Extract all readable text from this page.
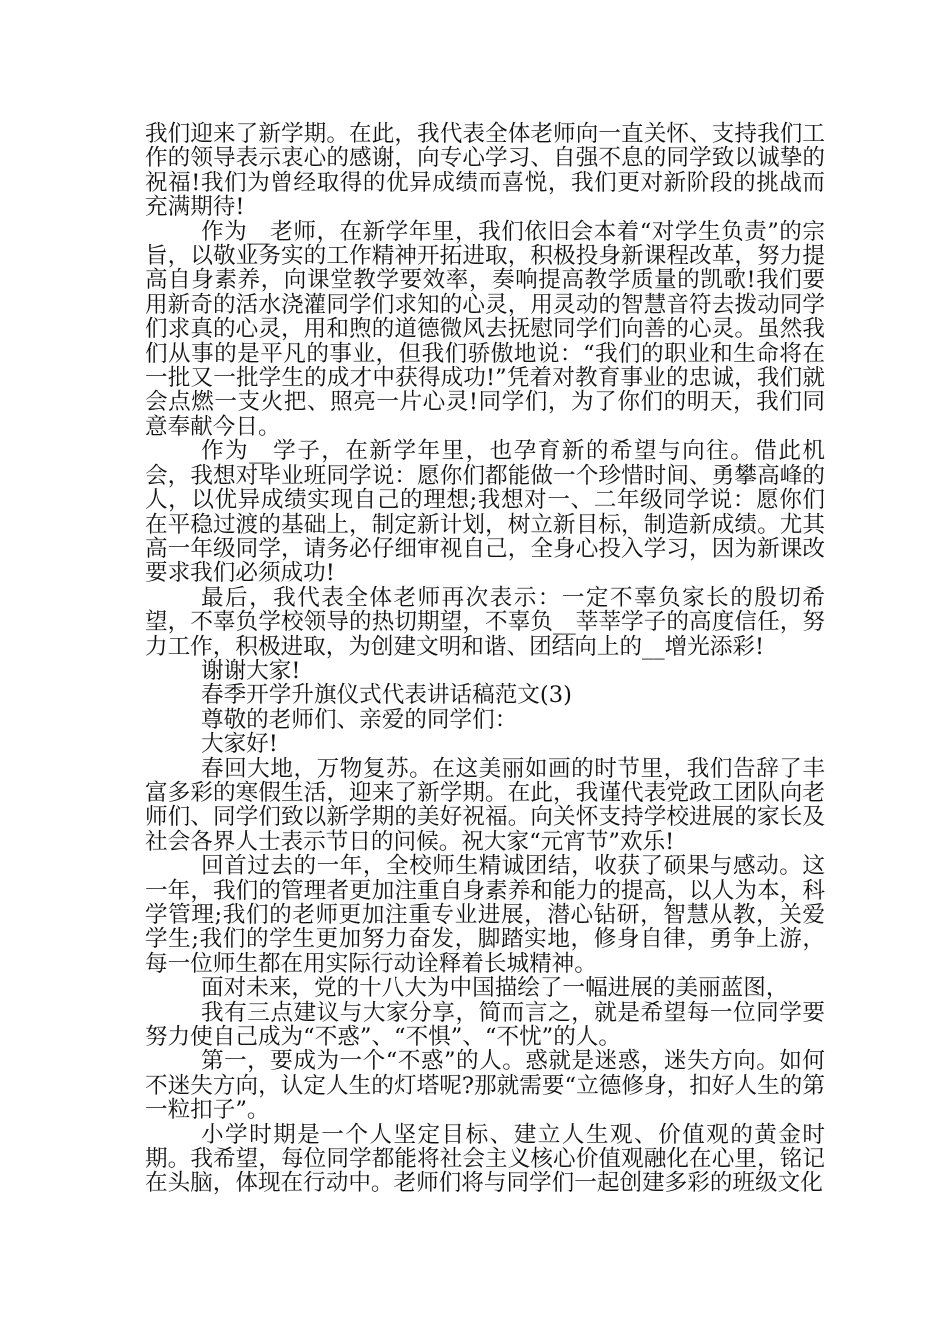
我们迎来了新学期。在此，我代表全体老师向一直关怀、支持我们工作的领导表示衷心的感谢，向专心学习、自强不息的同学致以诚挚的祝福!我们为曾经取得的优异成绩而喜悦，我们更对新阶段的挑战而充满期待!

作为__老师，在新学年里，我们依旧会本着“对学生负责”的宗旨，以敬业务实的工作精神开拓进取，积极投身新课程改革，努力提高自身素养，向课堂教学要效率，奏响提高教学质量的凯歌!我们要用新奇的活水浇灌同学们求知的心灵，用灵动的智慧音符去拨动同学们求真的心灵，用和煦的道德微风去抚慰同学们向善的心灵。虽然我们从事的是平凡的事业，但我们骄傲地说：“我们的职业和生命将在一批又一批学生的成才中获得成功!”凭着对教育事业的忠诚，我们就会点燃一支火把、照亮一片心灵!同学们，为了你们的明天，我们同意奉献今日。

作为__学子，在新学年里，也孕育新的希望与向往。借此机会，我想对毕业班同学说：愿你们都能做一个珍惜时间、勇攀高峰的人，以优异成绩实现自己的理想;我想对一、二年级同学说：愿你们在平稳过渡的基础上，制定新计划，树立新目标，制造新成绩。尤其高一年级同学，请务必仔细审视自己，全身心投入学习，因为新课改要求我们必须成功!

最后，我代表全体老师再次表示：一定不辜负家长的殷切希望，不辜负学校领导的热切期望，不辜负__莘莘学子的高度信任，努力工作，积极进取，为创建文明和谐、团结向上的__增光添彩!

谢谢大家!

春季开学升旗仪式代表讲话稿范文(3)

尊敬的老师们、亲爱的同学们：

大家好!

春回大地，万物复苏。在这美丽如画的时节里，我们告辞了丰富多彩的寒假生活，迎来了新学期。在此，我谨代表党政工团队向老师们、同学们致以新学期的美好祝福。向关怀支持学校进展的家长及社会各界人士表示节日的问候。祝大家“元宵节”欢乐!

回首过去的一年，全校师生精诚团结，收获了硕果与感动。这一年，我们的管理者更加注重自身素养和能力的提高，以人为本，科学管理;我们的老师更加注重专业进展，潜心钻研，智慧从教，关爱学生;我们的学生更加努力奋发，脚踏实地，修身自律，勇争上游，每一位师生都在用实际行动诠释着长城精神。

面对未来，党的十八大为中国描绘了一幅进展的美丽蓝图，

我有三点建议与大家分享，简而言之，就是希望每一位同学要努力使自己成为“不惑”、“不惧”、“不忧”的人。

第一，要成为一个“不惑”的人。惑就是迷惑，迷失方向。如何不迷失方向，认定人生的灯塔呢?那就需要“立德修身，扣好人生的第一粒扣子”。

小学时期是一个人坚定目标、建立人生观、价值观的黄金时期。我希望，每位同学都能将社会主义核心价值观融化在心里，铭记在头脑，体现在行动中。老师们将与同学们一起创建多彩的班级文化
